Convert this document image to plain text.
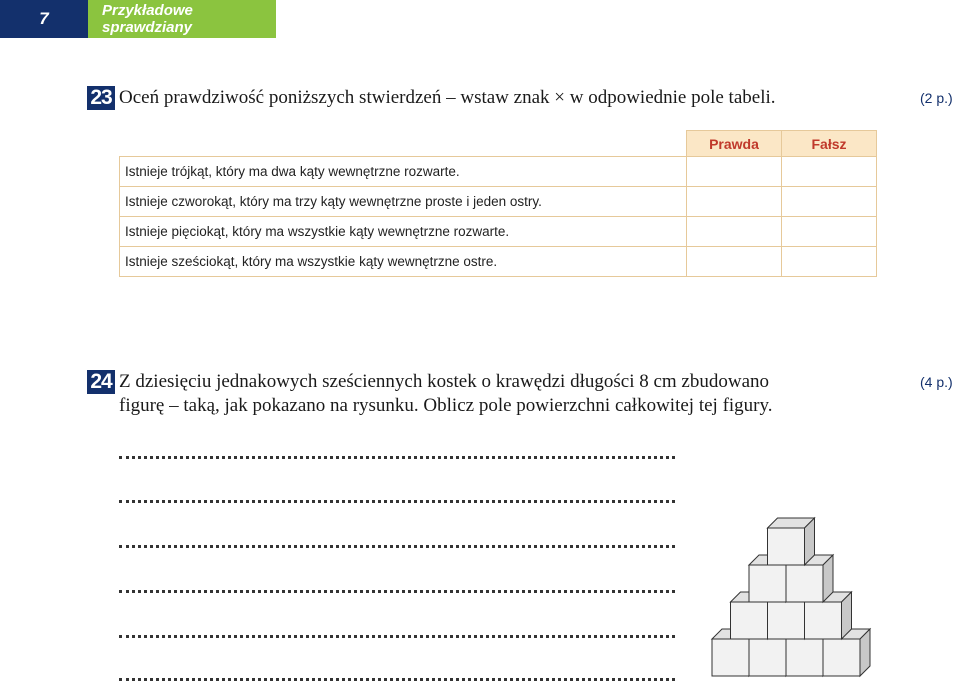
7	Przykładowe sprawdziany
23 Oceń prawdziwość poniższych stwierdzeń – wstaw znak × w odpowiednie pole tabeli.	(2 p.)
	Prawda	Fałsz
Istnieje trójkąt, który ma dwa kąty wewnętrzne rozwarte.		
Istnieje czworokąt, który ma trzy kąty wewnętrzne proste i jeden ostry.		
Istnieje pięciokąt, który ma wszystkie kąty wewnętrzne rozwarte.		
Istnieje sześciokąt, który ma wszystkie kąty wewnętrzne ostre.		
24 Z dziesięciu jednakowych sześciennych kostek o krawędzi długości 8 cm zbudowano
figurę – taką, jak pokazano na rysunku. Oblicz pole powierzchni całkowitej tej figury.
(4 p.)
